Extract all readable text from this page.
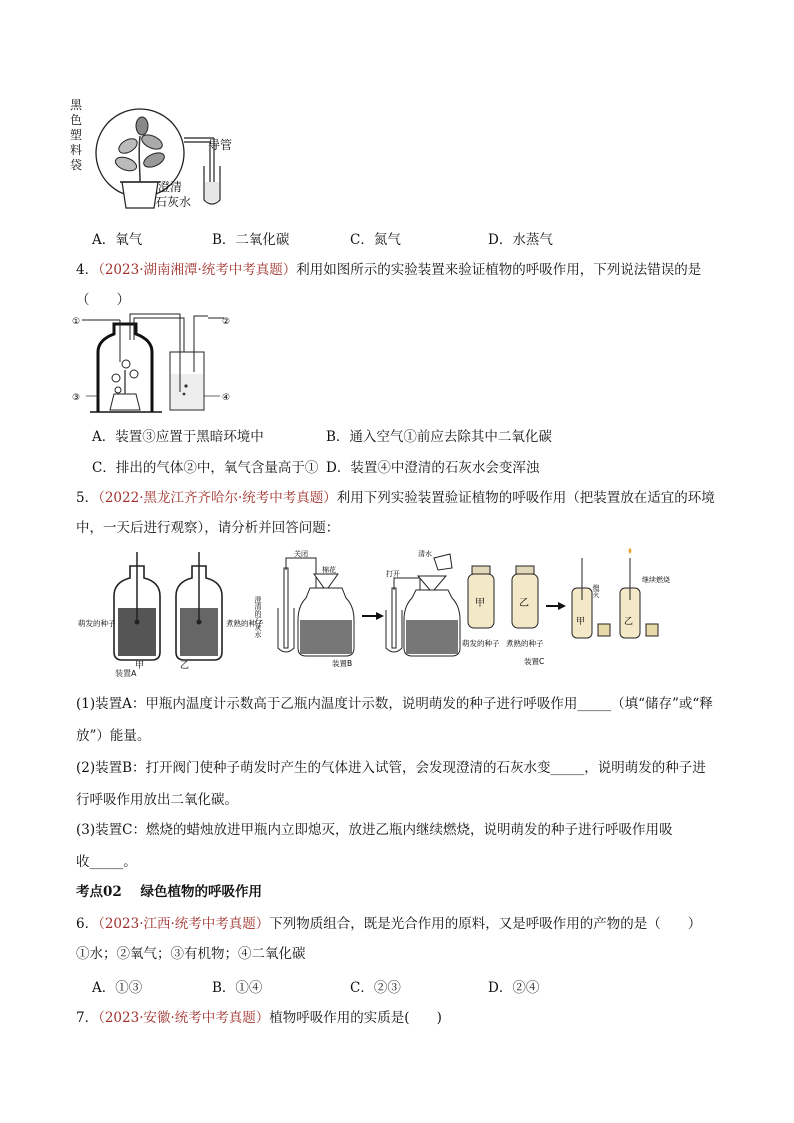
黑色塑料袋
导管
澄清
石灰水
A．氧气	B．二氧化碳	C．氮气	D．水蒸气
4．（2023·湖南湘潭·统考中考真题）利用如图所示的实验装置来验证植物的呼吸作用，下列说法错误的是
（　　）
①	②
③	④
A．装置③应置于黑暗环境中	B．通入空气①前应去除其中二氧化碳
C．排出的气体②中，氧气含量高于① D．装置④中澄清的石灰水会变浑浊
5．（2022·黑龙江齐齐哈尔·统考中考真题）利用下列实验装置验证植物的呼吸作用（把装置放在适宜的环境
中，一天后进行观察），请分析并回答问题：
萌发的种子	煮熟的种子
甲	乙
澄清的石灰水
关闭
棉花
装置B
打开
清水
甲	乙
萌发的种子 煮熟的种子
甲	乙
熄灭
继续燃烧
装置C
装置A
(1)装置A：甲瓶内温度计示数高于乙瓶内温度计示数，说明萌发的种子进行呼吸作用_____（填“储存”或“释
放”）能量。
(2)装置B：打开阀门使种子萌发时产生的气体进入试管，会发现澄清的石灰水变_____，说明萌发的种子进
行呼吸作用放出二氧化碳。
(3)装置C：燃烧的蜡烛放进甲瓶内立即熄灭，放进乙瓶内继续燃烧，说明萌发的种子进行呼吸作用吸
收_____。
考点02 绿色植物的呼吸作用
6．（2023·江西·统考中考真题）下列物质组合，既是光合作用的原料，又是呼吸作用的产物的是（　　）
①水；②氧气；③有机物；④二氧化碳
A．①③	B．①④	C．②③	D．②④
7．（2023·安徽·统考中考真题）植物呼吸作用的实质是(　　)
